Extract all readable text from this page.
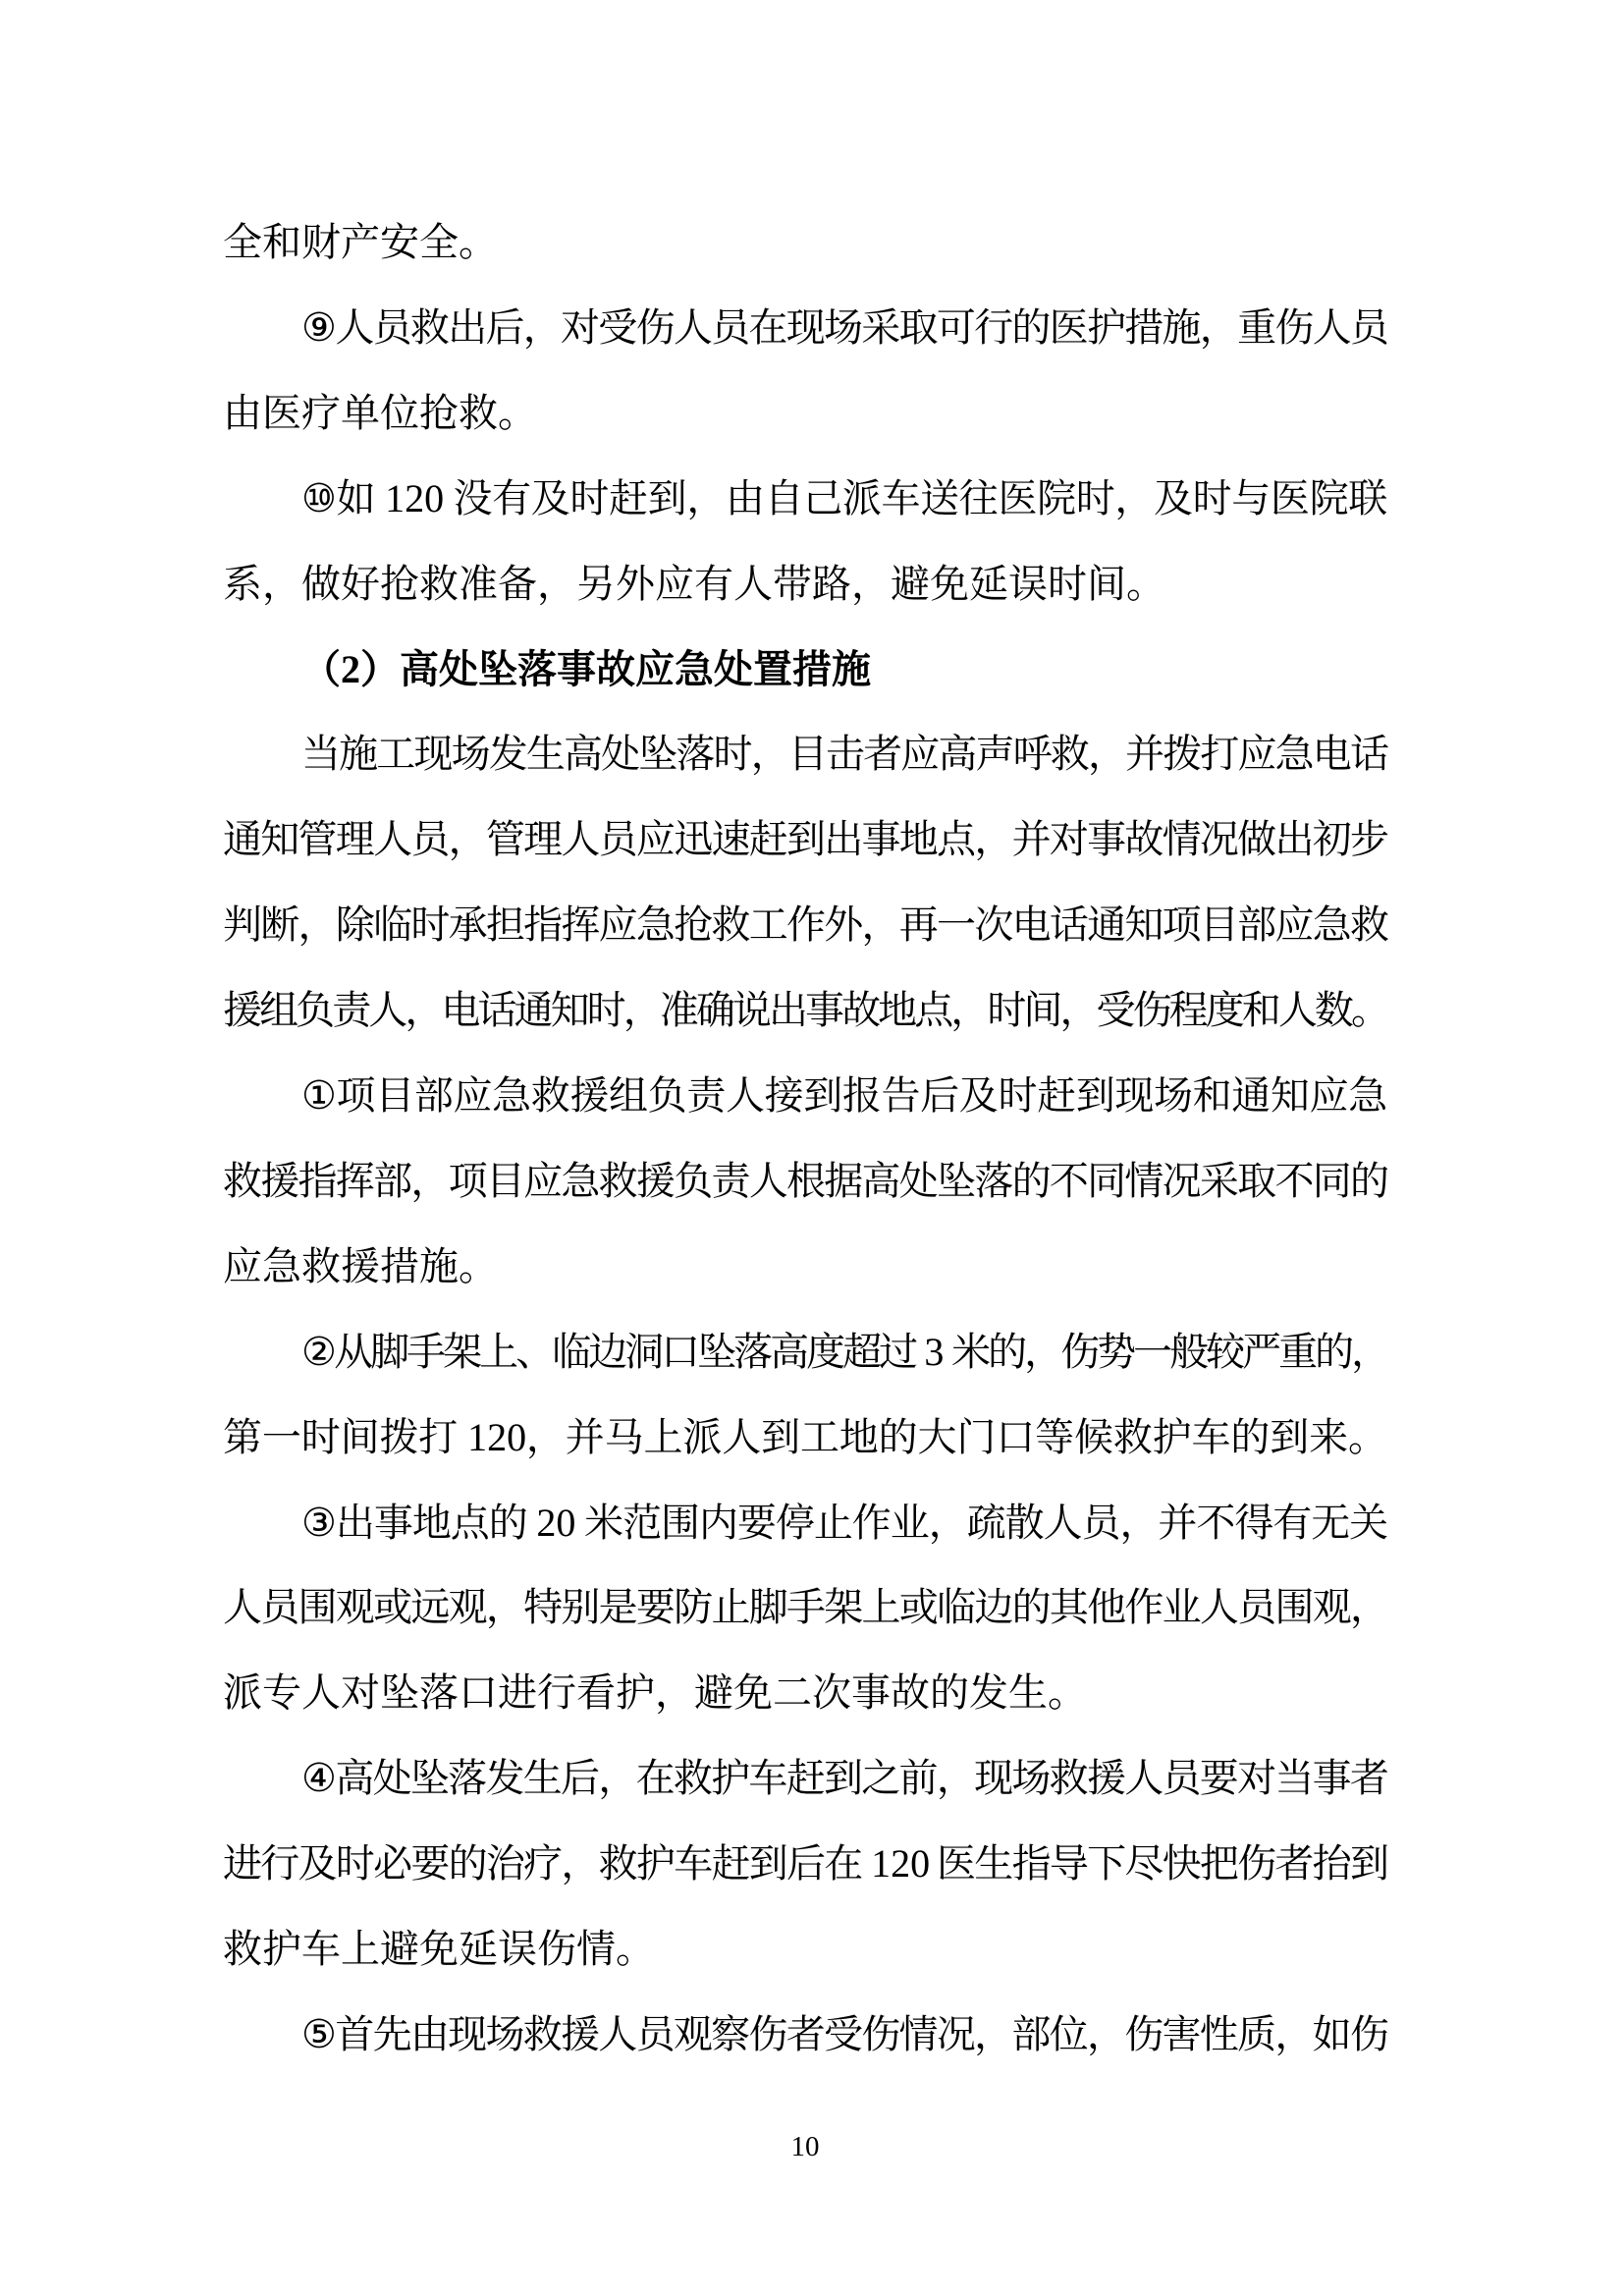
全 和 财 产 安 全 。
⑨
人
员
救
出
后
，
对
受
伤
人
员
在
现
场
采
取
可
行
的
医
护
措
施
，
重
伤
人
员
由 医 疗 单 位 抢 救 。
⑩ 如
120
没 有 及 时 赶 到 ， 由 自 己 派 车 送 往 医 院 时 ， 及 时 与 医 院 联
系 ， 做 好 抢 救 准 备 ， 另 外 应 有 人 带 路 ， 避 免 延 误 时 间 。
（ 2 ） 高 处 坠 落 事 故 应 急 处 置 措 施
当
施
工
现
场
发
生
高
处
坠
落
时
，
目
击
者
应
高
声
呼
救
，
并
拨
打
应
急
电
话
通
知
管
理
人
员
，
管
理
人
员
应
迅
速
赶
到
出
事
地
点
，
并
对
事
故
情
况
做
出
初
步
判
断
，
除
临
时
承
担
指
挥
应
急
抢
救
工
作
外
，
再
一
次
电
话
通
知
项
目
部
应
急
救
援
组
负
责
人
，
电
话
通
知
时
，
准
确
说
出
事
故
地
点
，
时
间
，
受
伤
程
度
和
人
数
。
① 项 目 部 应 急 救 援 组 负 责 人 接 到 报 告 后 及 时 赶 到 现 场 和 通 知 应 急
救
援
指
挥
部
，
项
目
应
急
救
援
负
责
人
根
据
高
处
坠
落
的
不
同
情
况
采
取
不
同
的
应 急 救 援 措 施 。
②
从
脚
手
架
上
、
临
边
洞
口
坠
落
高
度
超
过
3
米
的
，
伤
势
一
般
较
严
重
的
，
第 一 时 间 拨 打
120 ， 并 马 上 派 人 到 工 地 的 大 门 口 等 候 救 护 车 的 到 来 。
③ 出
事
地
点
的
20
米
范
围
内
要
停
止
作
业
，
疏
散
人
员
，
并
不
得
有
无
关
人
员
围
观
或
远
观
，
特
别
是
要
防
止
脚
手
架
上
或
临
边
的
其
他
作
业
人
员
围
观
，
派 专 人 对 坠 落 口 进 行 看 护 ， 避 免 二 次 事 故 的 发 生 。
④
高
处
坠
落
发
生
后
，
在
救
护
车
赶
到
之
前
，
现
场
救
援
人
员
要
对
当
事
者
进
行
及
时
必
要
的
治
疗
，
救
护
车
赶
到
后
在
120
医
生
指
导
下
尽
快
把
伤
者
抬
到
救 护 车 上 避 免 延 误 伤 情 。
⑤
首
先
由
现
场
救
援
人
员
观
察
伤
者
受
伤
情
况
，
部
位
，
伤
害
性
质
，
如
伤
10
